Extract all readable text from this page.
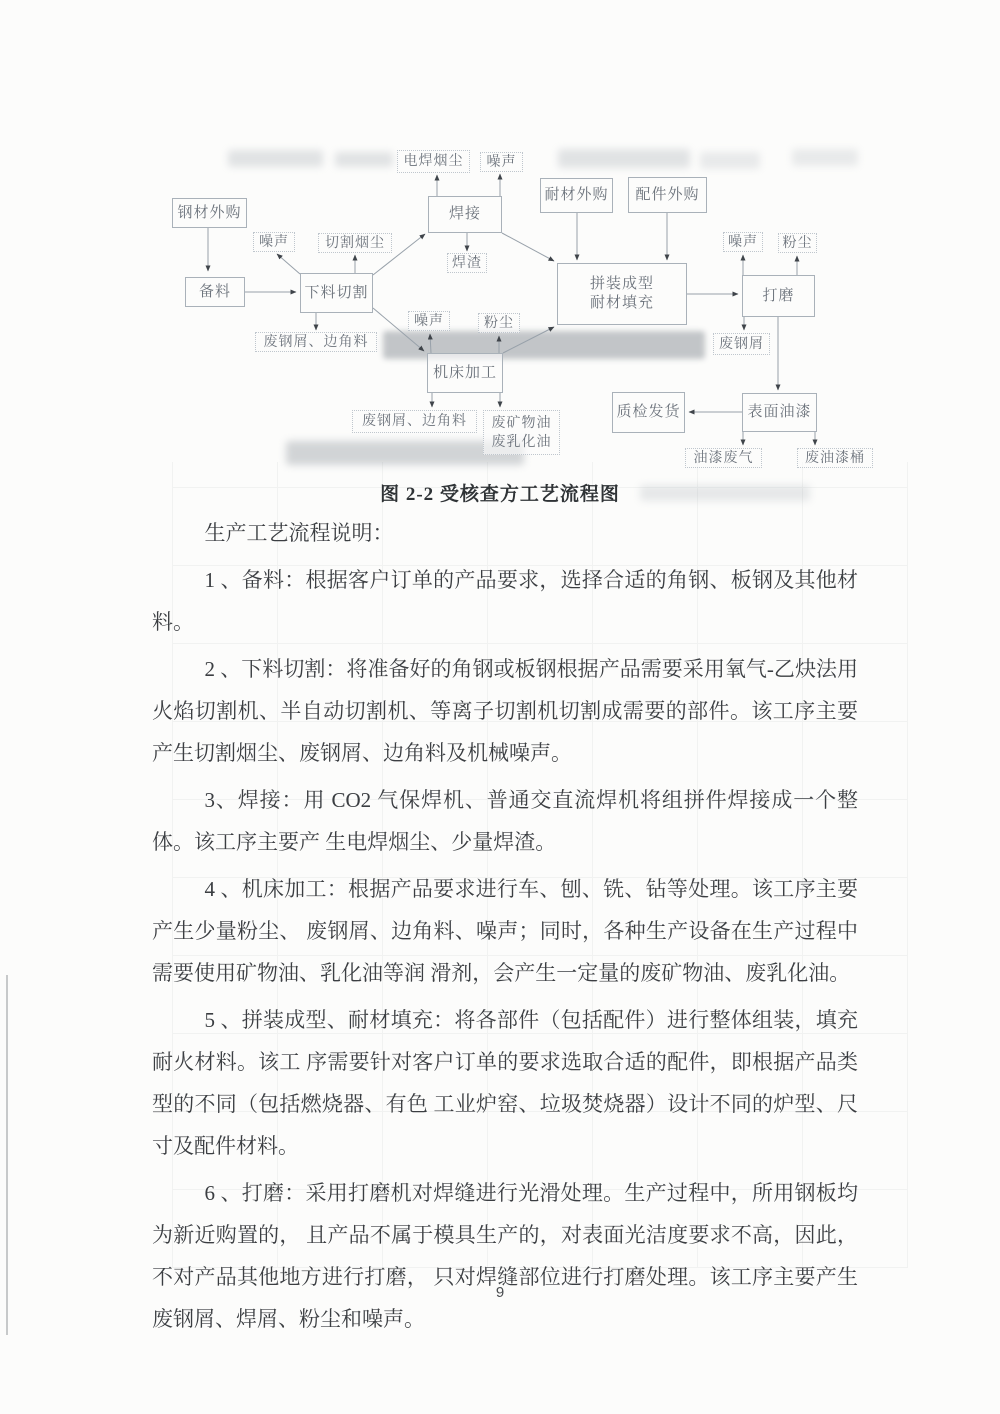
钢材外购
备料	下料切割
焊接
电焊烟尘 噪声
耐材外购 配件外购
噪声	切割烟尘
焊渣
噪声 粉尘
拼装成型
耐材填充	打磨
噪声	粉尘
废钢屑、边角料	废钢屑
机床加工
废钢屑、边角料 废矿物油
废乳化油
质检发货	表面油漆
油漆废气	废油漆桶
图 2-2 受核查方工艺流程图

生产工艺流程说明：

1 、备料：根据客户订单的产品要求，选择合适的角钢、板钢及其他材料。

2 、下料切割：将准备好的角钢或板钢根据产品需要采用氧气-乙炔法用火焰切割机、半自动切割机、等离子切割机切割成需要的部件。该工序主要产生切割烟尘、废钢屑、边角料及机械噪声。

3、焊接：用 CO2 气保焊机、普通交直流焊机将组拼件焊接成一个整体。该工序主要产 生电焊烟尘、少量焊渣。

4 、机床加工：根据产品要求进行车、刨、铣、钻等处理。该工序主要产生少量粉尘、 废钢屑、边角料、噪声；同时，各种生产设备在生产过程中需要使用矿物油、乳化油等润 滑剂，会产生一定量的废矿物油、废乳化油。

5 、拼装成型、耐材填充：将各部件（包括配件）进行整体组装，填充耐火材料。该工 序需要针对客户订单的要求选取合适的配件，即根据产品类型的不同（包括燃烧器、有色 工业炉窑、垃圾焚烧器）设计不同的炉型、尺寸及配件材料。

6 、打磨：采用打磨机对焊缝进行光滑处理。生产过程中，所用钢板均为新近购置的， 且产品不属于模具生产的，对表面光洁度要求不高，因此，不对产品其他地方进行打磨， 只对焊缝部位进行打磨处理。该工序主要产生废钢屑、焊屑、粉尘和噪声。

9
